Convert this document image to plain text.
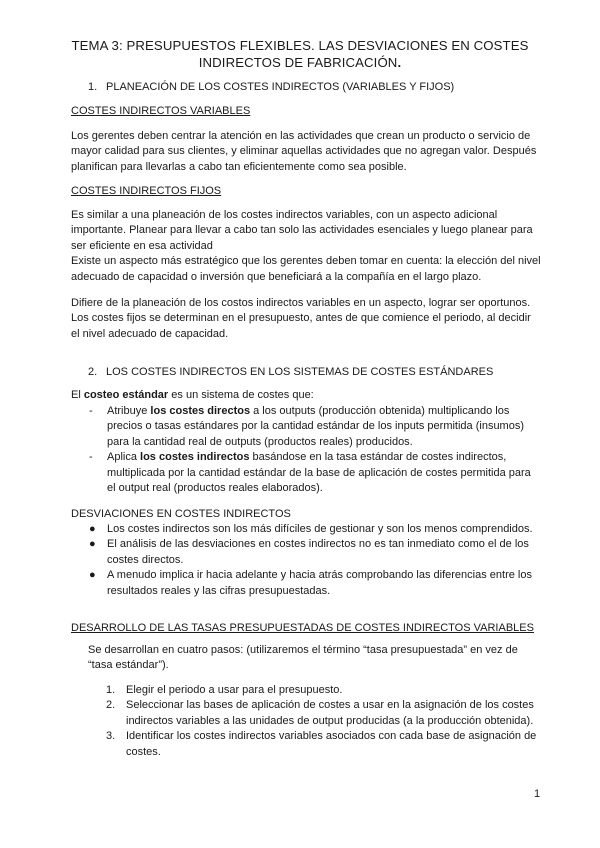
TEMA 3: PRESUPUESTOS FLEXIBLES. LAS DESVIACIONES EN COSTES
INDIRECTOS DE FABRICACIÓN.
1. PLANEACIÓN DE LOS COSTES INDIRECTOS (VARIABLES Y FIJOS)
COSTES INDIRECTOS VARIABLES
Los gerentes deben centrar la atención en las actividades que crean un producto o servicio de mayor calidad para sus clientes, y eliminar aquellas actividades que no agregan valor. Después planifican para llevarlas a cabo tan eficientemente como sea posible.
COSTES INDIRECTOS FIJOS

Es similar a una planeación de los costes indirectos variables, con un aspecto adicional importante. Planear para llevar a cabo tan solo las actividades esenciales y luego planear para ser eficiente en esa actividad

Existe un aspecto más estratégico que los gerentes deben tomar en cuenta: la elección del nivel adecuado de capacidad o inversión que beneficiará a la compañía en el largo plazo.

Difiere de la planeación de los costos indirectos variables en un aspecto, lograr ser oportunos. Los costes fijos se determinan en el presupuesto, antes de que comience el periodo, al decidir el nivel adecuado de capacidad.
2. LOS COSTES INDIRECTOS EN LOS SISTEMAS DE COSTES ESTÁNDARES
El costeo estándar es un sistema de costes que:
- Atribuye los costes directos a los outputs (producción obtenida) multiplicando los precios o tasas estándares por la cantidad estándar de los inputs permitida (insumos) para la cantidad real de outputs (productos reales) producidos.
- Aplica los costes indirectos basándose en la tasa estándar de costes indirectos, multiplicada por la cantidad estándar de la base de aplicación de costes permitida para el output real (productos reales elaborados).
DESVIACIONES EN COSTES INDIRECTOS
● Los costes indirectos son los más difíciles de gestionar y son los menos comprendidos.
● El análisis de las desviaciones en costes indirectos no es tan inmediato como el de los costes directos.
● A menudo implica ir hacia adelante y hacia atrás comprobando las diferencias entre los resultados reales y las cifras presupuestadas.
DESARROLLO DE LAS TASAS PRESUPUESTADAS DE COSTES INDIRECTOS VARIABLES
Se desarrollan en cuatro pasos: (utilizaremos el término “tasa presupuestada” en vez de “tasa estándar”).
1. Elegir el periodo a usar para el presupuesto.
2. Seleccionar las bases de aplicación de costes a usar en la asignación de los costes indirectos variables a las unidades de output producidas (a la producción obtenida).
3. Identificar los costes indirectos variables asociados con cada base de asignación de costes.
1
